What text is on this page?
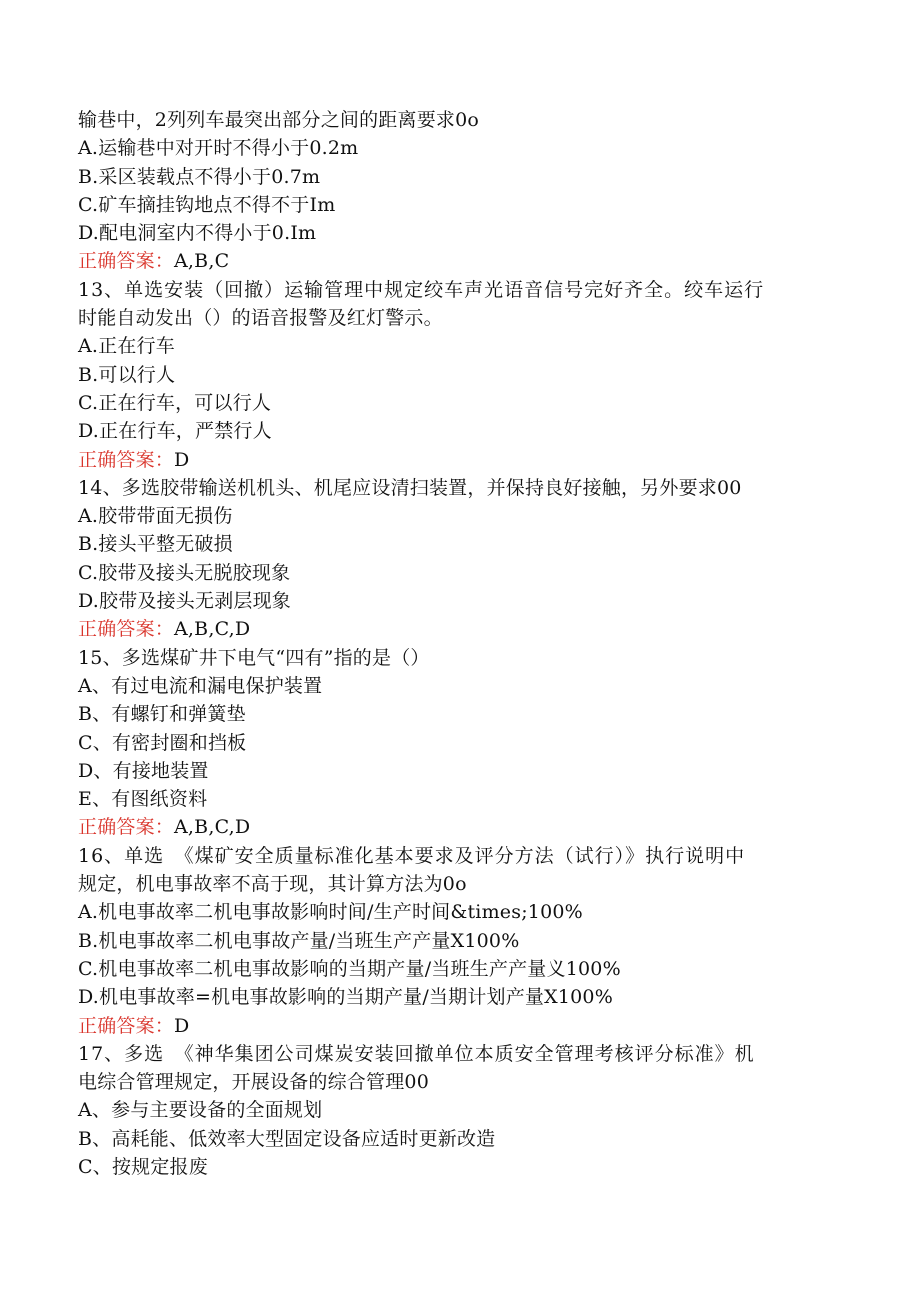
输巷中，2列列车最突出部分之间的距离要求0o
A.运输巷中对开时不得小于0.2m
B.采区装载点不得小于0.7m
C.矿车摘挂钩地点不得不于Im
D.配电洞室内不得小于0.Im
正确答案：A,B,C
13、单选安装（回撤）运输管理中规定绞车声光语音信号完好齐全。绞车运行
时能自动发出（）的语音报警及红灯警示。
A.正在行车
B.可以行人
C.正在行车，可以行人
D.正在行车，严禁行人
正确答案：D
14、多选胶带输送机机头、机尾应设清扫装置，并保持良好接触，另外要求00
A.胶带带面无损伤
B.接头平整无破损
C.胶带及接头无脱胶现象
D.胶带及接头无剥层现象
正确答案：A,B,C,D
15、多选煤矿井下电气“四有”指的是（）
A、有过电流和漏电保护装置
B、有螺钉和弹簧垫
C、有密封圈和挡板
D、有接地装置
E、有图纸资料
正确答案：A,B,C,D
16、单选　《煤矿安全质量标准化基本要求及评分方法（试行）》执行说明中
规定，机电事故率不高于现，其计算方法为0o
A.机电事故率二机电事故影响时间/生产时间&times;100%
B.机电事故率二机电事故产量/当班生产产量X100%
C.机电事故率二机电事故影响的当期产量/当班生产产量义100%
D.机电事故率=机电事故影响的当期产量/当期计划产量X100%
正确答案：D
17、多选　《神华集团公司煤炭安装回撤单位本质安全管理考核评分标准》机
电综合管理规定，开展设备的综合管理00
A、参与主要设备的全面规划
B、高耗能、低效率大型固定设备应适时更新改造
C、按规定报废
